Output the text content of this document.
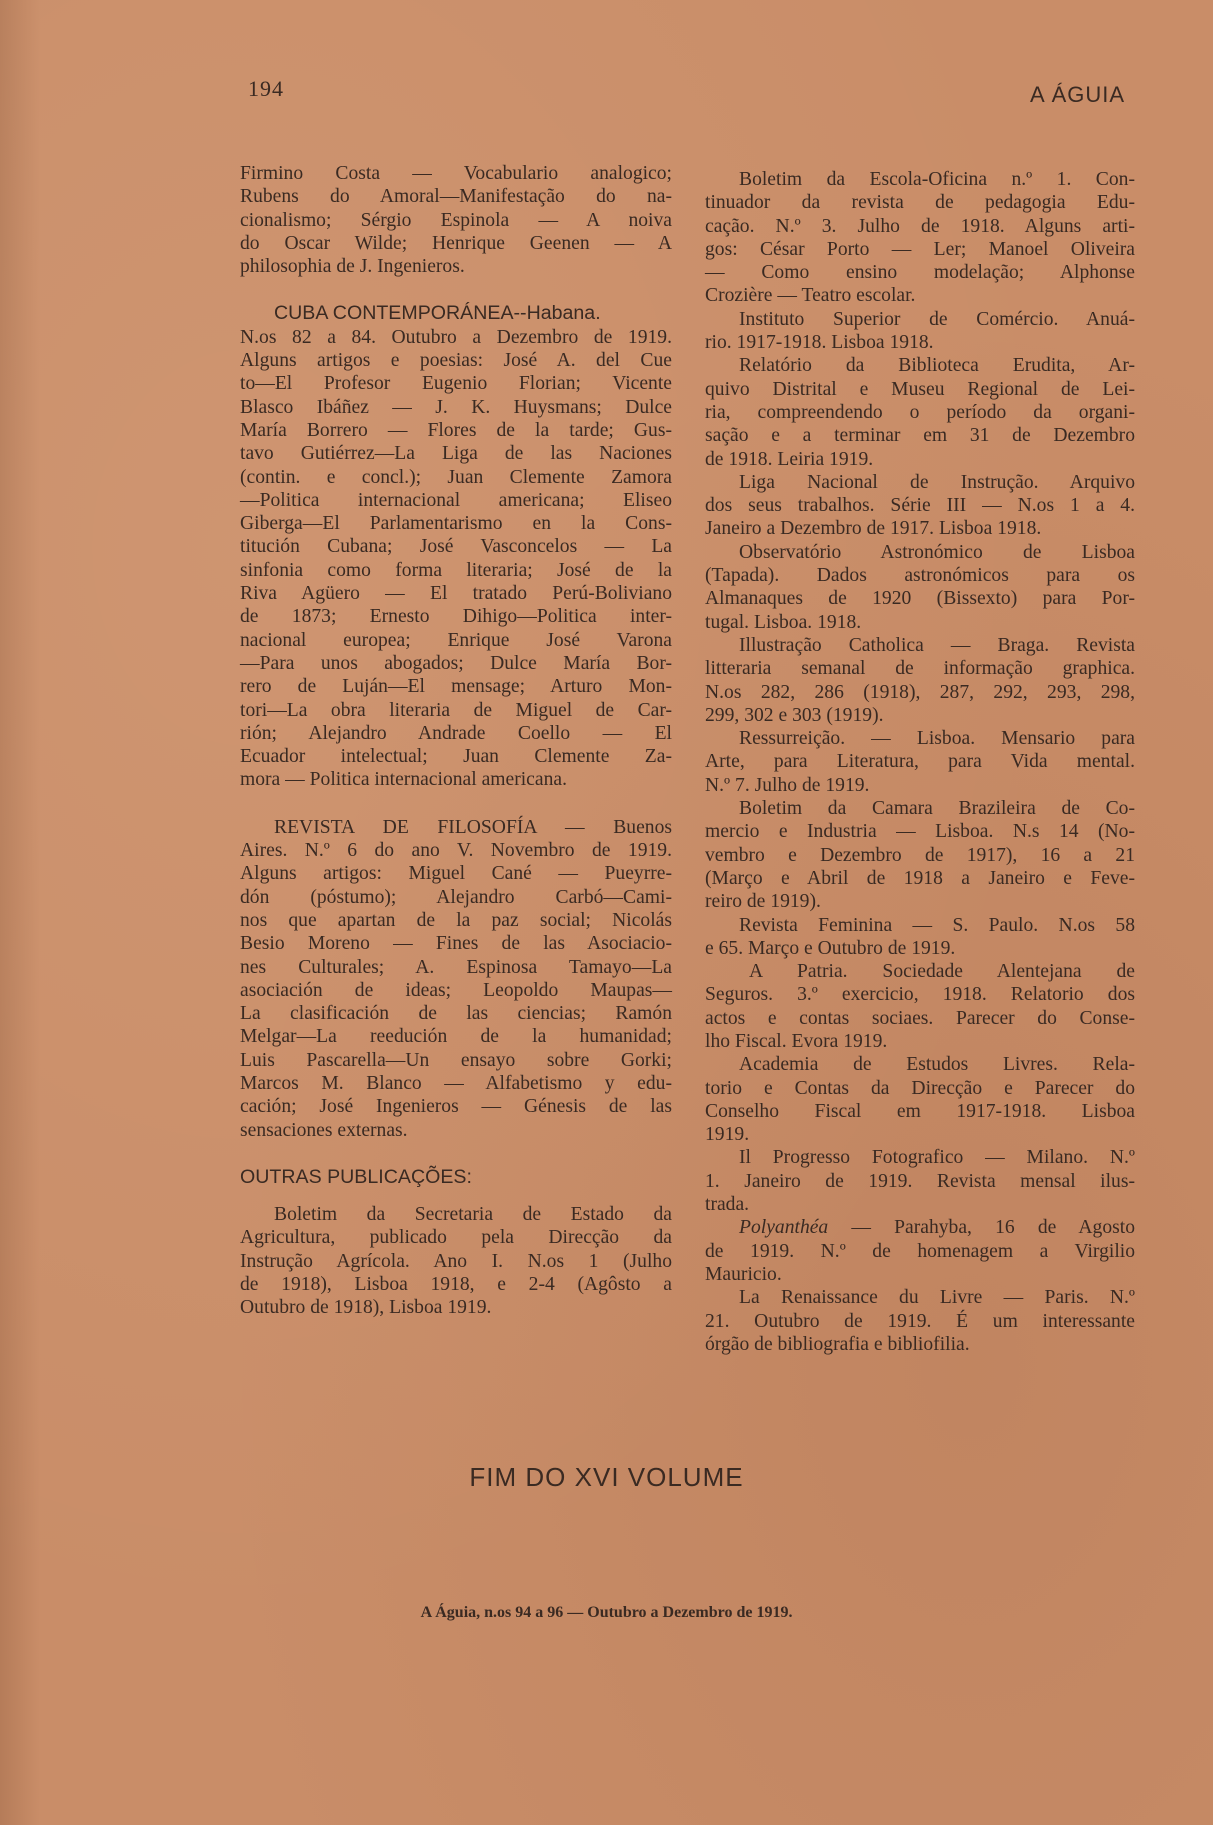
194	A ÁGUIA
Firmino Costa — Vocabulario analogico;
Rubens do Amoral—Manifestação do na-
cionalismo; Sérgio Espinola — A noiva
do Oscar Wilde; Henrique Geenen — A
philosophia de J. Ingenieros.
CUBA CONTEMPORÁNEA--Habana.
N.os 82 a 84. Outubro a Dezembro de 1919.
Alguns artigos e poesias: José A. del Cue
to—El Profesor Eugenio Florian; Vicente
Blasco Ibáñez — J. K. Huysmans; Dulce
María Borrero — Flores de la tarde; Gus-
tavo Gutiérrez—La Liga de las Naciones
(contin. e concl.); Juan Clemente Zamora
—Politica internacional americana; Eliseo
Giberga—El Parlamentarismo en la Cons-
titución Cubana; José Vasconcelos — La
sinfonia como forma literaria; José de la
Riva Agüero — El tratado Perú-Boliviano
de 1873; Ernesto Dihigo—Politica inter-
nacional europea; Enrique José Varona
—Para unos abogados; Dulce María Bor-
rero de Luján—El mensage; Arturo Mon-
tori—La obra literaria de Miguel de Car-
rión; Alejandro Andrade Coello — El
Ecuador intelectual; Juan Clemente Za-
mora — Politica internacional americana.
REVISTA DE FILOSOFÍA — Buenos
Aires. N.º 6 do ano V. Novembro de 1919.
Alguns artigos: Miguel Cané — Pueyrre-
dón (póstumo); Alejandro Carbó—Cami-
nos que apartan de la paz social; Nicolás
Besio Moreno — Fines de las Asociacio-
nes Culturales; A. Espinosa Tamayo—La
asociación de ideas; Leopoldo Maupas—
La clasificación de las ciencias; Ramón
Melgar—La reedución de la humanidad;
Luis Pascarella—Un ensayo sobre Gorki;
Marcos M. Blanco — Alfabetismo y edu-
cación; José Ingenieros — Génesis de las
sensaciones externas.
OUTRAS PUBLICAÇÕES:
Boletim da Secretaria de Estado da
Agricultura, publicado pela Direcção da
Instrução Agrícola. Ano I. N.os 1 (Julho
de 1918), Lisboa 1918, e 2-4 (Agôsto a
Outubro de 1918), Lisboa 1919.
Boletim da Escola-Oficina n.º 1. Con-
tinuador da revista de pedagogia Edu-
cação. N.º 3. Julho de 1918. Alguns arti-
gos: César Porto — Ler; Manoel Oliveira
— Como ensino modelação; Alphonse
Crozière — Teatro escolar.
Instituto Superior de Comércio. Anuá-
rio. 1917-1918. Lisboa 1918.
Relatório da Biblioteca Erudita, Ar-
quivo Distrital e Museu Regional de Lei-
ria, compreendendo o período da organi-
sação e a terminar em 31 de Dezembro
de 1918. Leiria 1919.
Liga Nacional de Instrução. Arquivo
dos seus trabalhos. Série III — N.os 1 a 4.
Janeiro a Dezembro de 1917. Lisboa 1918.
Observatório Astronómico de Lisboa
(Tapada). Dados astronómicos para os
Almanaques de 1920 (Bissexto) para Por-
tugal. Lisboa. 1918.
Illustração Catholica — Braga. Revista
litteraria semanal de informação graphica.
N.os 282, 286 (1918), 287, 292, 293, 298,
299, 302 e 303 (1919).
Ressurreição. — Lisboa. Mensario para
Arte, para Literatura, para Vida mental.
N.º 7. Julho de 1919.
Boletim da Camara Brazileira de Co-
mercio e Industria — Lisboa. N.s 14 (No-
vembro e Dezembro de 1917), 16 a 21
(Março e Abril de 1918 a Janeiro e Feve-
reiro de 1919).
Revista Feminina — S. Paulo. N.os 58
e 65. Março e Outubro de 1919.
A Patria. Sociedade Alentejana de
Seguros. 3.º exercicio, 1918. Relatorio dos
actos e contas sociaes. Parecer do Conse-
lho Fiscal. Evora 1919.
Academia de Estudos Livres. Rela-
torio e Contas da Direcção e Parecer do
Conselho Fiscal em 1917-1918. Lisboa
1919.
Il Progresso Fotografico — Milano. N.º
1. Janeiro de 1919. Revista mensal ilus-
trada.
Polyanthéa — Parahyba, 16 de Agosto
de 1919. N.º de homenagem a Virgilio
Mauricio.
La Renaissance du Livre — Paris. N.º
21. Outubro de 1919. É um interessante
órgão de bibliografia e bibliofilia.
FIM DO XVI VOLUME
A Águia, n.os 94 a 96 — Outubro a Dezembro de 1919.
